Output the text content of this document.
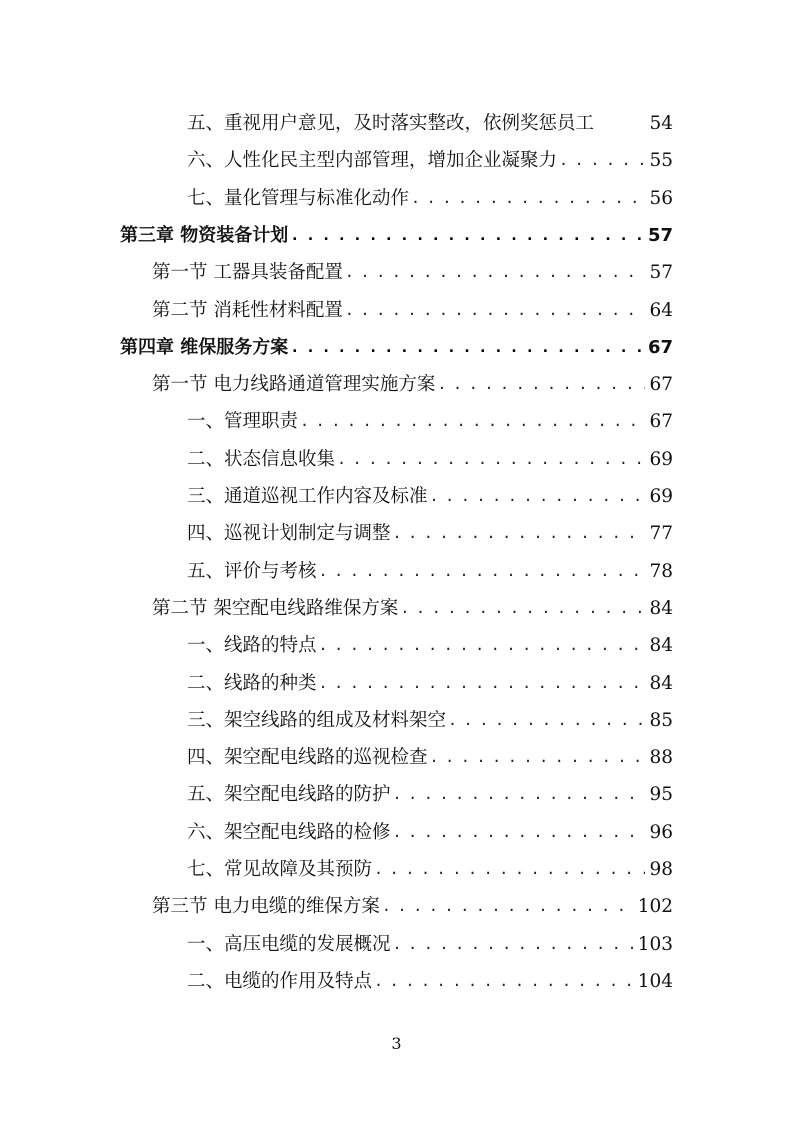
五、重视用户意见，及时落实整改，依例奖惩员工	54
六、人性化民主型内部管理，增加企业凝聚力 . . .	55
七、量化管理与标准化动作 . . .	56
第三章 物资装备计划 . . .	57
第一节 工器具装备配置 . . .	57
第二节 消耗性材料配置 . . .	64
第四章 维保服务方案 . . .	67
第一节 电力线路通道管理实施方案 . . .	67
一、管理职责 . . .	67
二、状态信息收集 . . .	69
三、通道巡视工作内容及标准 . . .	69
四、巡视计划制定与调整 . . .	77
五、评价与考核 . . .	78
第二节 架空配电线路维保方案 . . .	84
一、线路的特点 . . .	84
二、线路的种类 . . .	84
三、架空线路的组成及材料架空 . . .	85
四、架空配电线路的巡视检查 . . .	88
五、架空配电线路的防护 . . .	95
六、架空配电线路的检修 . . .	96
七、常见故障及其预防 . . .	98
第三节 电力电缆的维保方案 . . .	102
一、高压电缆的发展概况 . . .	103
二、电缆的作用及特点 . . .	104
3
